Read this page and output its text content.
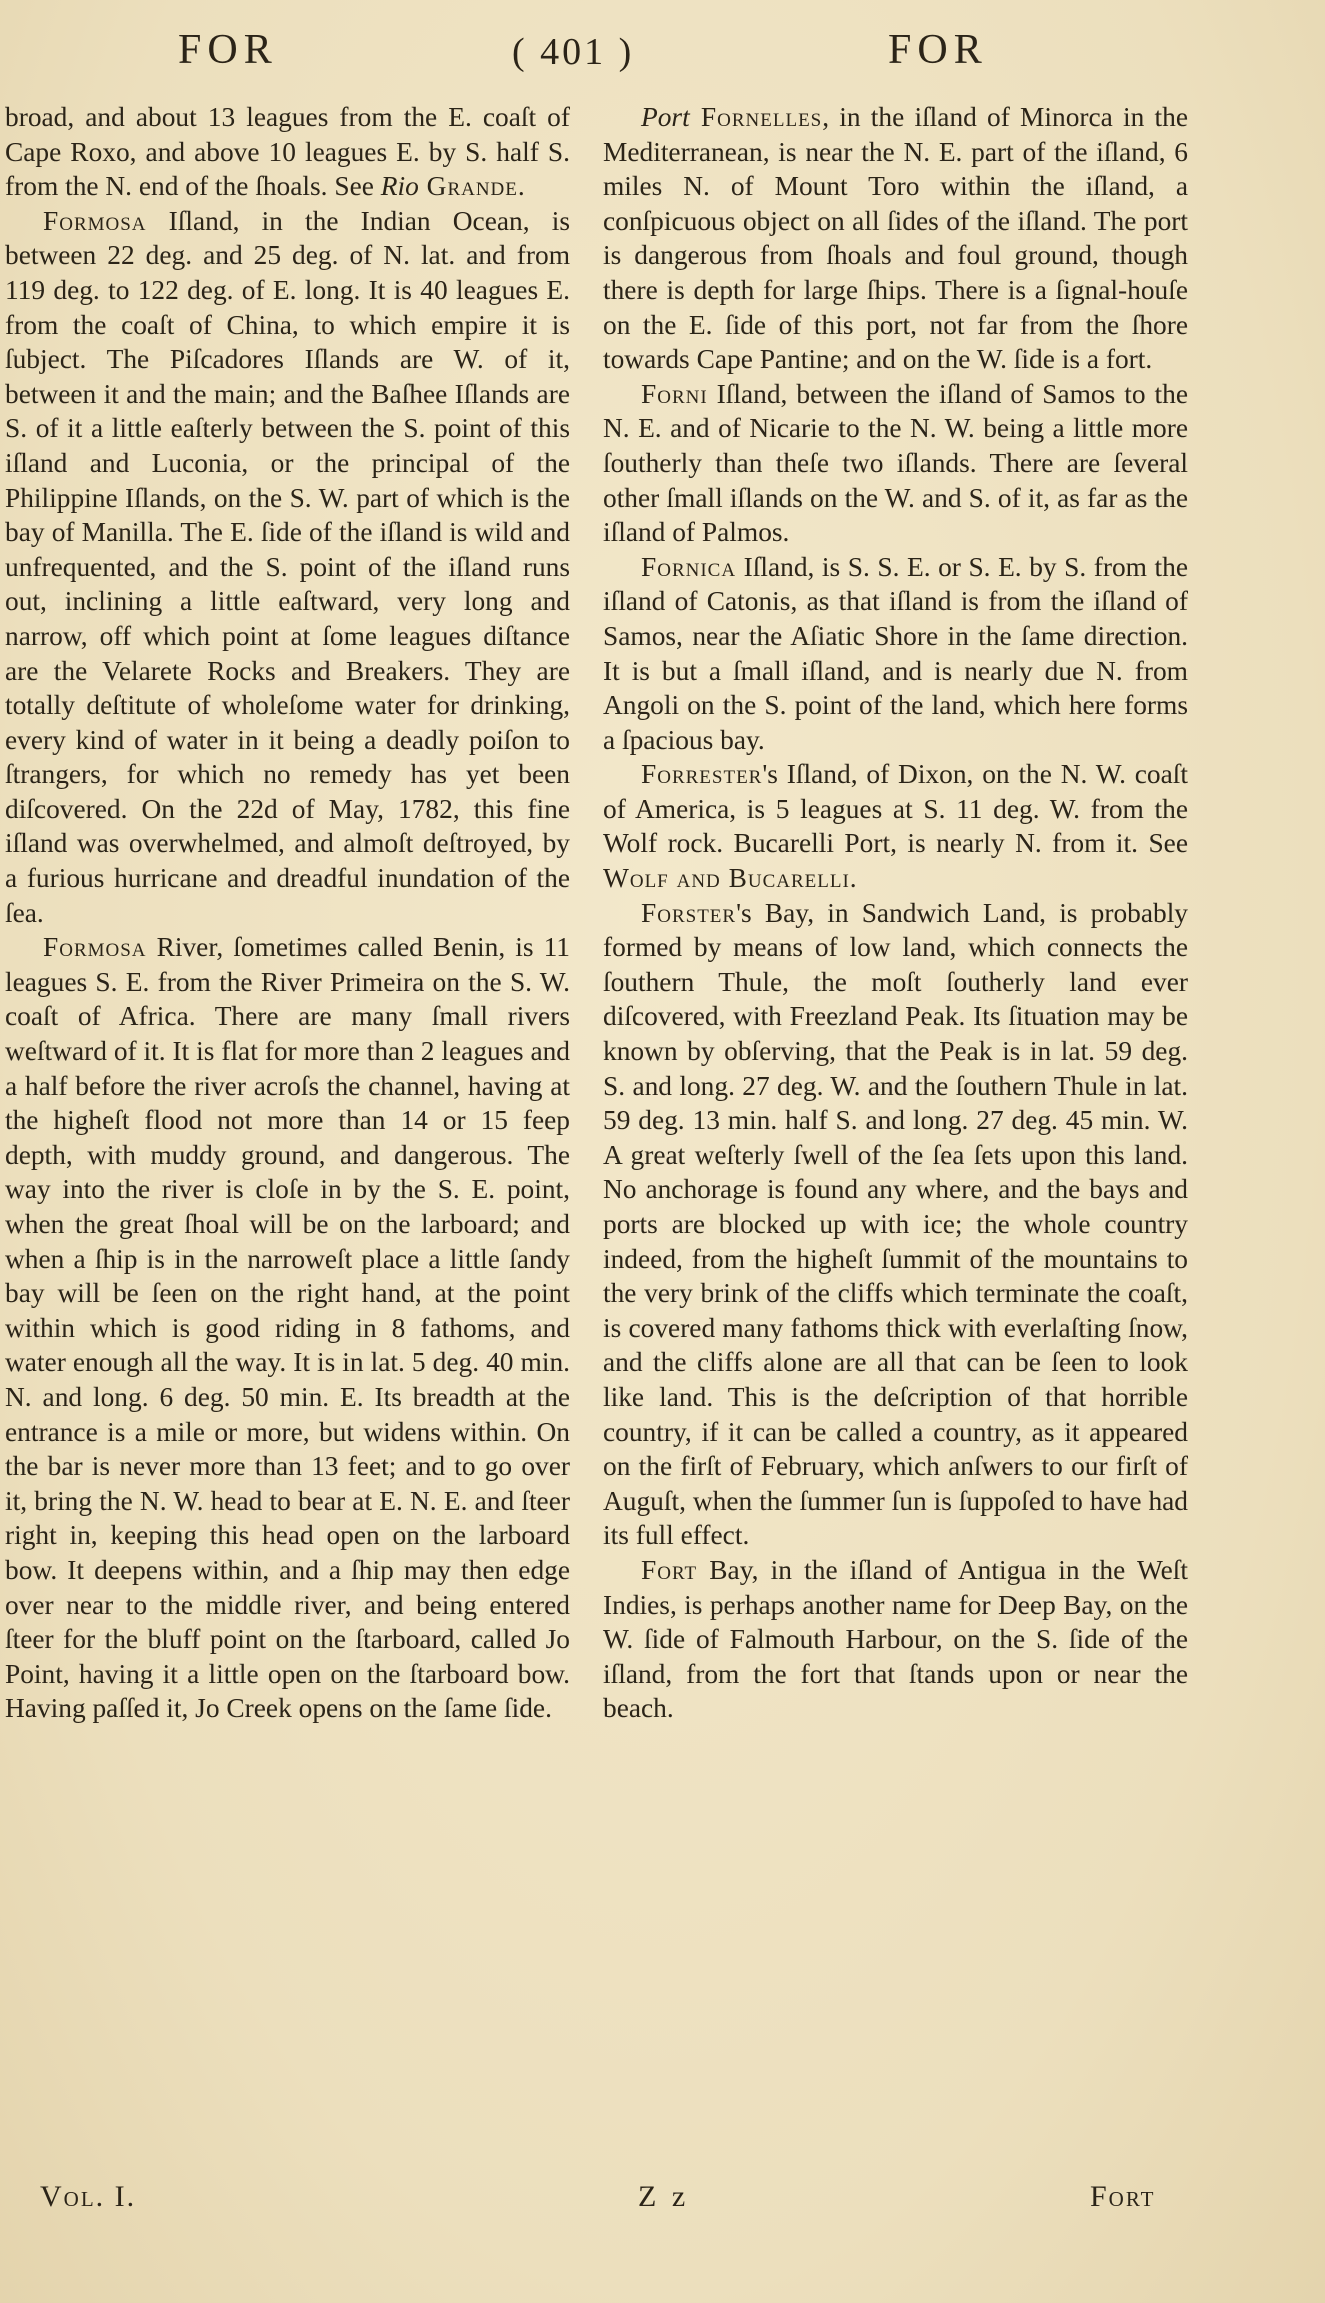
FOR	( 401 )	FOR

broad, and about 13 leagues from the E. coaſt of Cape Roxo, and above 10 leagues E. by S. half S. from the N. end of the ſhoals. See Rio Grande.

Formosa Iſland, in the Indian Ocean, is between 22 deg. and 25 deg. of N. lat. and from 119 deg. to 122 deg. of E. long. It is 40 leagues E. from the coaſt of China, to which empire it is ſubject. The Piſcadores Iſlands are W. of it, between it and the main; and the Baſhee Iſlands are S. of it a little eaſterly between the S. point of this iſland and Luconia, or the principal of the Philippine Iſlands, on the S. W. part of which is the bay of Manilla. The E. ſide of the iſland is wild and unfrequented, and the S. point of the iſland runs out, inclining a little eaſtward, very long and narrow, off which point at ſome leagues diſtance are the Velarete Rocks and Breakers. They are totally deſtitute of wholeſome water for drinking, every kind of water in it being a deadly poiſon to ſtrangers, for which no remedy has yet been diſcovered. On the 22d of May, 1782, this fine iſland was overwhelmed, and almoſt deſtroyed, by a furious hurricane and dreadful inundation of the ſea.

Formosa River, ſometimes called Benin, is 11 leagues S. E. from the River Primeira on the S. W. coaſt of Africa. There are many ſmall rivers weſtward of it. It is flat for more than 2 leagues and a half before the river acroſs the channel, having at the higheſt flood not more than 14 or 15 feep depth, with muddy ground, and dangerous. The way into the river is cloſe in by the S. E. point, when the great ſhoal will be on the larboard; and when a ſhip is in the narroweſt place a little ſandy bay will be ſeen on the right hand, at the point within which is good riding in 8 fathoms, and water enough all the way. It is in lat. 5 deg. 40 min. N. and long. 6 deg. 50 min. E. Its breadth at the entrance is a mile or more, but widens within. On the bar is never more than 13 feet; and to go over it, bring the N. W. head to bear at E. N. E. and ſteer right in, keeping this head open on the larboard bow. It deepens within, and a ſhip may then edge over near to the middle river, and being entered ſteer for the bluff point on the ſtarboard, called Jo Point, having it a little open on the ſtarboard bow. Having paſſed it, Jo Creek opens on the ſame ſide.

Port Fornelles, in the iſland of Minorca in the Mediterranean, is near the N. E. part of the iſland, 6 miles N. of Mount Toro within the iſland, a conſpicuous object on all ſides of the iſland. The port is dangerous from ſhoals and foul ground, though there is depth for large ſhips. There is a ſignal-houſe on the E. ſide of this port, not far from the ſhore towards Cape Pantine; and on the W. ſide is a fort.

Forni Iſland, between the iſland of Samos to the N. E. and of Nicarie to the N. W. being a little more ſoutherly than theſe two iſlands. There are ſeveral other ſmall iſlands on the W. and S. of it, as far as the iſland of Palmos.

Fornica Iſland, is S. S. E. or S. E. by S. from the iſland of Catonis, as that iſland is from the iſland of Samos, near the Aſiatic Shore in the ſame direction. It is but a ſmall iſland, and is nearly due N. from Angoli on the S. point of the land, which here forms a ſpacious bay.

Forrester's Iſland, of Dixon, on the N. W. coaſt of America, is 5 leagues at S. 11 deg. W. from the Wolf rock. Bucarelli Port, is nearly N. from it. See Wolf and Bucarelli.

Forster's Bay, in Sandwich Land, is probably formed by means of low land, which connects the ſouthern Thule, the moſt ſoutherly land ever diſcovered, with Freezland Peak. Its ſituation may be known by obſerving, that the Peak is in lat. 59 deg. S. and long. 27 deg. W. and the ſouthern Thule in lat. 59 deg. 13 min. half S. and long. 27 deg. 45 min. W. A great weſterly ſwell of the ſea ſets upon this land. No anchorage is found any where, and the bays and ports are blocked up with ice; the whole country indeed, from the higheſt ſummit of the mountains to the very brink of the cliffs which terminate the coaſt, is covered many fathoms thick with everlaſting ſnow, and the cliffs alone are all that can be ſeen to look like land. This is the deſcription of that horrible country, if it can be called a country, as it appeared on the firſt of February, which anſwers to our firſt of Auguſt, when the ſummer ſun is ſuppoſed to have had its full effect.

Fort Bay, in the iſland of Antigua in the Weſt Indies, is perhaps another name for Deep Bay, on the W. ſide of Falmouth Harbour, on the S. ſide of the iſland, from the fort that ſtands upon or near the beach.

Vol. I.	Z z	Fort
